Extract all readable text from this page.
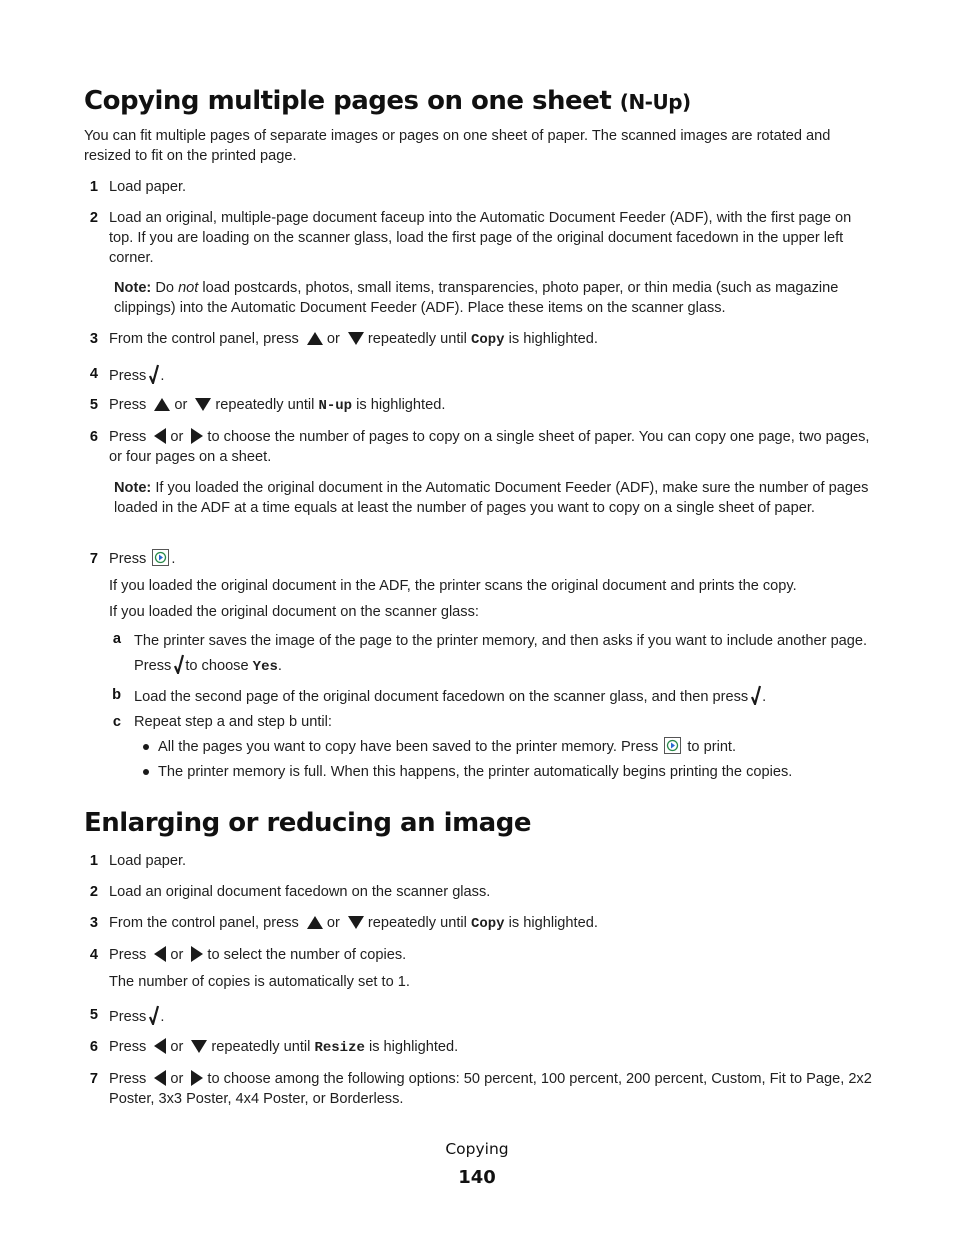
Copying multiple pages on one sheet (N-Up)
You can fit multiple pages of separate images or pages on one sheet of paper. The scanned images are rotated and resized to fit on the printed page.
1 Load paper.
2 Load an original, multiple-page document faceup into the Automatic Document Feeder (ADF), with the first page on top. If you are loading on the scanner glass, load the first page of the original document facedown in the upper left corner.
Note: Do not load postcards, photos, small items, transparencies, photo paper, or thin media (such as magazine clippings) into the Automatic Document Feeder (ADF). Place these items on the scanner glass.
3 From the control panel, press or repeatedly until Copy is highlighted.
4 Press .
5 Press or repeatedly until N-up is highlighted.
6 Press or to choose the number of pages to copy on a single sheet of paper. You can copy one page, two pages, or four pages on a sheet.
Note: If you loaded the original document in the Automatic Document Feeder (ADF), make sure the number of pages loaded in the ADF at a time equals at least the number of pages you want to copy on a single sheet of paper.
7 Press .
If you loaded the original document in the ADF, the printer scans the original document and prints the copy.
If you loaded the original document on the scanner glass:
a The printer saves the image of the page to the printer memory, and then asks if you want to include another page. Press to choose Yes.
b Load the second page of the original document facedown on the scanner glass, and then press .
c Repeat step a and step b until:
All the pages you want to copy have been saved to the printer memory. Press to print.
The printer memory is full. When this happens, the printer automatically begins printing the copies.
Enlarging or reducing an image
1 Load paper.
2 Load an original document facedown on the scanner glass.
3 From the control panel, press or repeatedly until Copy is highlighted.
4 Press or to select the number of copies.
The number of copies is automatically set to 1.
5 Press .
6 Press or repeatedly until Resize is highlighted.
7 Press or to choose among the following options: 50 percent, 100 percent, 200 percent, Custom, Fit to Page, 2x2 Poster, 3x3 Poster, 4x4 Poster, or Borderless.
Copying
140
